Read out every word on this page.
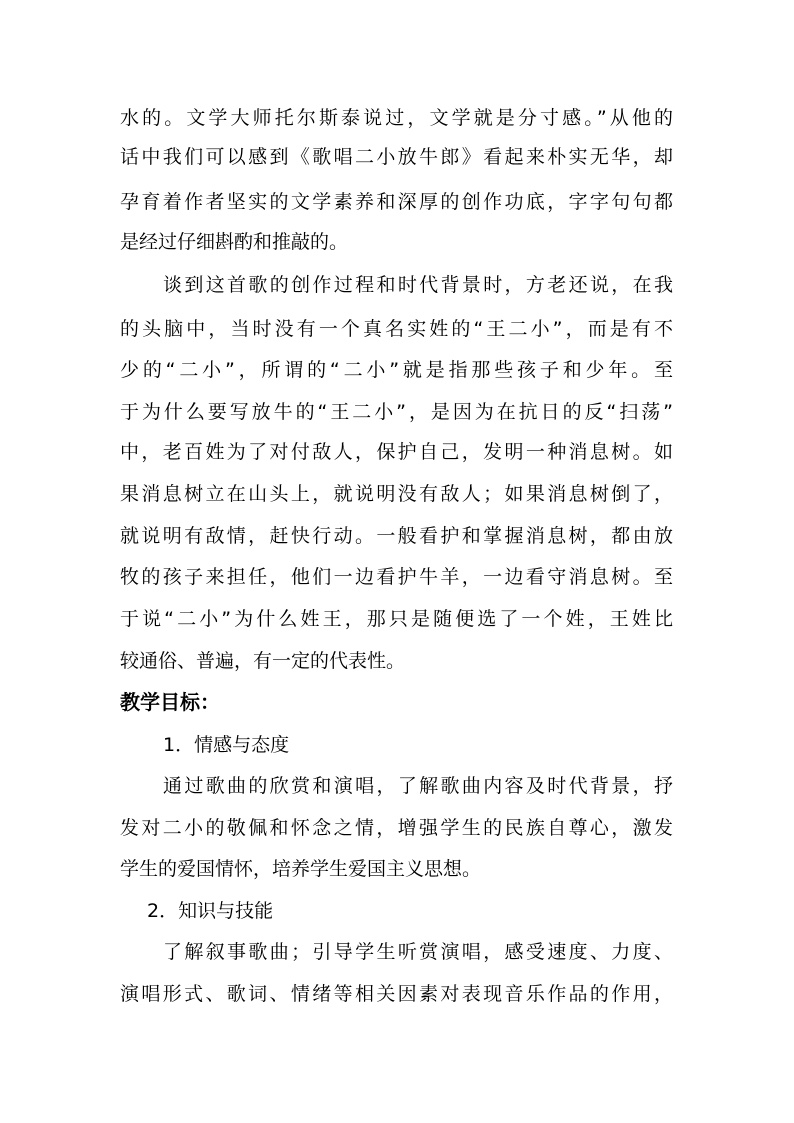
水的。文学大师托尔斯泰说过，文学就是分寸感。”从他的
话中我们可以感到《歌唱二小放牛郎》看起来朴实无华，却
孕育着作者坚实的文学素养和深厚的创作功底，字字句句都
是经过仔细斟酌和推敲的。
谈到这首歌的创作过程和时代背景时，方老还说，在我
的头脑中，当时没有一个真名实姓的“王二小”，而是有不
少的“二小”，所谓的“二小”就是指那些孩子和少年。至
于为什么要写放牛的“王二小”，是因为在抗日的反“扫荡”
中，老百姓为了对付敌人，保护自己，发明一种消息树。如
果消息树立在山头上，就说明没有敌人；如果消息树倒了，
就说明有敌情，赶快行动。一般看护和掌握消息树，都由放
牧的孩子来担任，他们一边看护牛羊，一边看守消息树。至
于说“二小”为什么姓王，那只是随便选了一个姓，王姓比
较通俗、普遍，有一定的代表性。
教学目标：
1．情感与态度
通过歌曲的欣赏和演唱，了解歌曲内容及时代背景，抒
发对二小的敬佩和怀念之情，增强学生的民族自尊心，激发
学生的爱国情怀，培养学生爱国主义思想。
2．知识与技能
了解叙事歌曲；引导学生听赏演唱，感受速度、力度、
演唱形式、歌词、情绪等相关因素对表现音乐作品的作用，
